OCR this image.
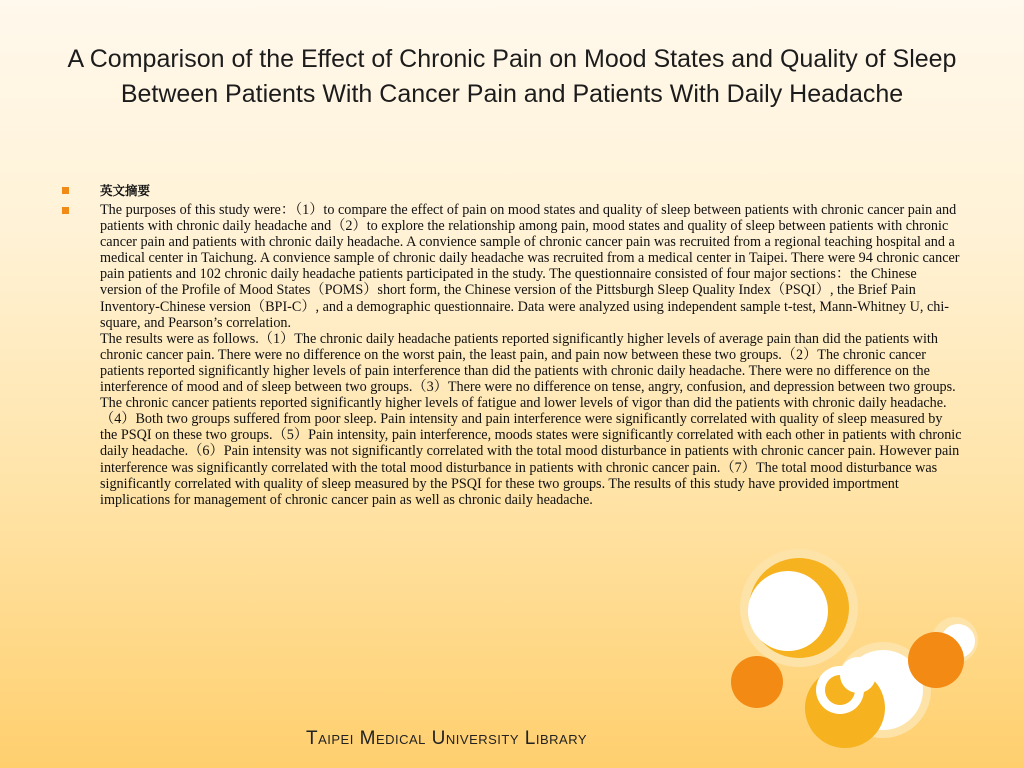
A Comparison of the Effect of Chronic Pain on Mood States and Quality of Sleep Between Patients With Cancer Pain and Patients With Daily Headache
英文摘要

The purposes of this study were：（1）to compare the effect of pain on mood states and quality of sleep between patients with chronic cancer pain and patients with chronic daily headache and（2）to explore the relationship among pain, mood states and quality of sleep between patients with chronic cancer pain and patients with chronic daily headache. A convience sample of chronic cancer pain was recruited from a regional teaching hospital and a medical center in Taichung. A convience sample of chronic daily headache was recruited from a medical center in Taipei. There were 94 chronic cancer pain patients and 102 chronic daily headache patients participated in the study. The questionnaire consisted of four major sections：the Chinese version of the Profile of Mood States（POMS）short form, the Chinese version of the Pittsburgh Sleep Quality Index（PSQI）, the Brief Pain Inventory-Chinese version（BPI-C）, and a demographic questionnaire. Data were analyzed using independent sample t-test, Mann-Whitney U, chi-square, and Pearson’s correlation.

The results were as follows.（1）The chronic daily headache patients reported significantly higher levels of average pain than did the patients with chronic cancer pain. There were no difference on the worst pain, the least pain, and pain now between these two groups.（2）The chronic cancer patients reported significantly higher levels of pain interference than did the patients with chronic daily headache. There were no difference on the interference of mood and of sleep between two groups.（3）There were no difference on tense, angry, confusion, and depression between two groups. The chronic cancer patients reported significantly higher levels of fatigue and lower levels of vigor than did the patients with chronic daily headache.（4）Both two groups suffered from poor sleep. Pain intensity and pain interference were significantly correlated with quality of sleep measured by the PSQI on these two groups.（5）Pain intensity, pain interference, moods states were significantly correlated with each other in patients with chronic daily headache.（6）Pain intensity was not significantly correlated with the total mood disturbance in patients with chronic cancer pain. However pain interference was significantly correlated with the total mood disturbance in patients with chronic cancer pain.（7）The total mood disturbance was significantly correlated with quality of sleep measured by the PSQI for these two groups. The results of this study have provided importment implications for management of chronic cancer pain as well as chronic daily headache.

Taipei Medical University Library
